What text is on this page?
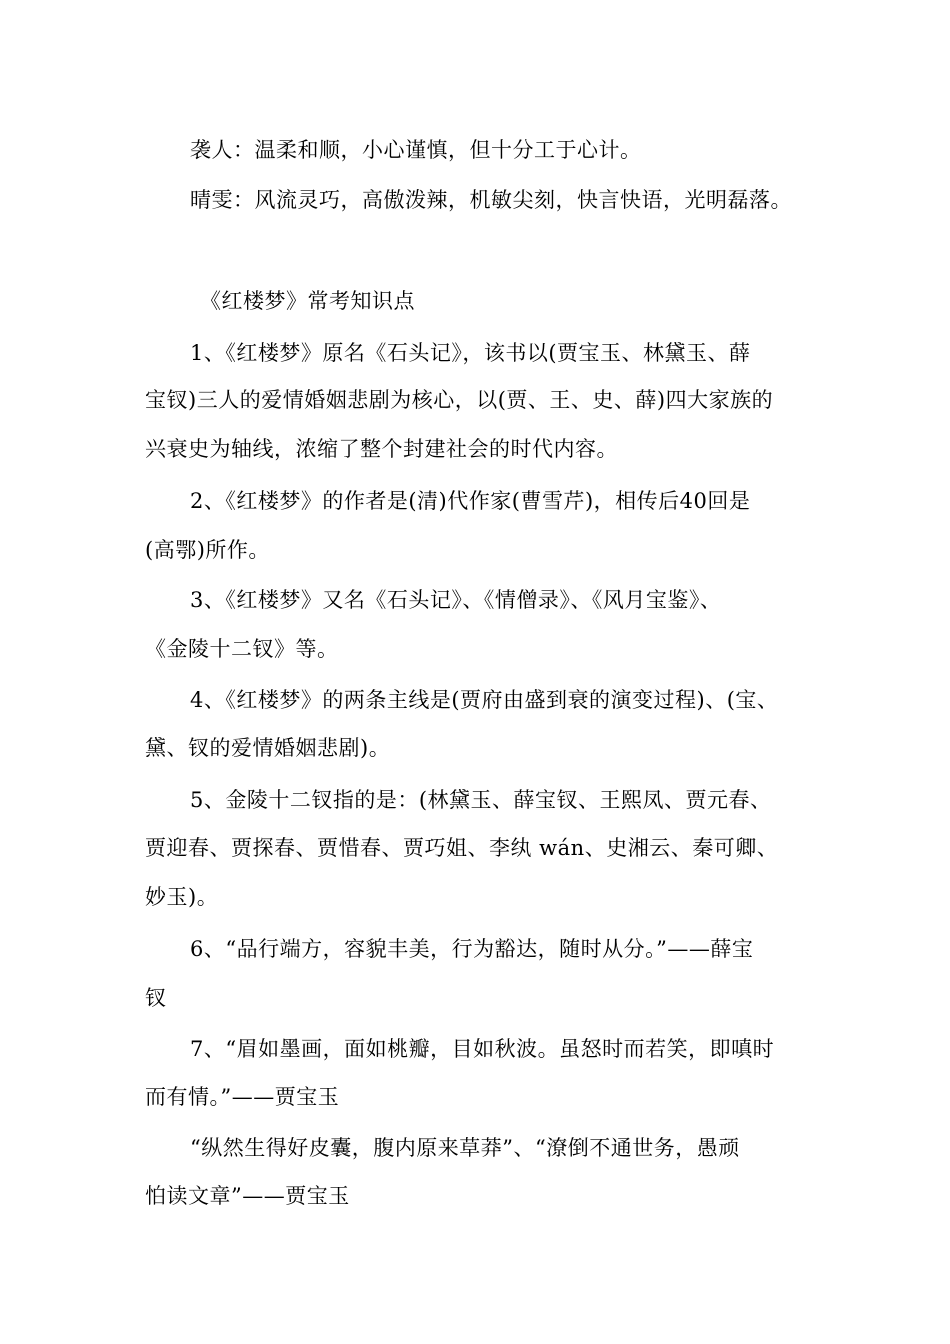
袭人：温柔和顺，小心谨慎，但十分工于心计。
晴雯：风流灵巧，高傲泼辣，机敏尖刻，快言快语，光明磊落。
《红楼梦》常考知识点
1、《红楼梦》原名《石头记》，该书以(贾宝玉、林黛玉、薛
宝钗)三人的爱情婚姻悲剧为核心，以(贾、王、史、薛)四大家族的
兴衰史为轴线，浓缩了整个封建社会的时代内容。
2、《红楼梦》的作者是(清)代作家(曹雪芹)，相传后40回是
(高鄂)所作。
3、《红楼梦》又名《石头记》、《情僧录》、《风月宝鉴》、
《金陵十二钗》等。
4、《红楼梦》的两条主线是(贾府由盛到衰的演变过程)、(宝、
黛、钗的爱情婚姻悲剧)。
5、金陵十二钗指的是：(林黛玉、薛宝钗、王熙凤、贾元春、
贾迎春、贾探春、贾惜春、贾巧姐、李纨 wán、史湘云、秦可卿、
妙玉)。
6、“品行端方，容貌丰美，行为豁达，随时从分。”——薛宝
钗
7、“眉如墨画，面如桃瓣，目如秋波。虽怒时而若笑，即嗔时
而有情。”——贾宝玉
“纵然生得好皮囊，腹内原来草莽”、“潦倒不通世务，愚顽
怕读文章”——贾宝玉
